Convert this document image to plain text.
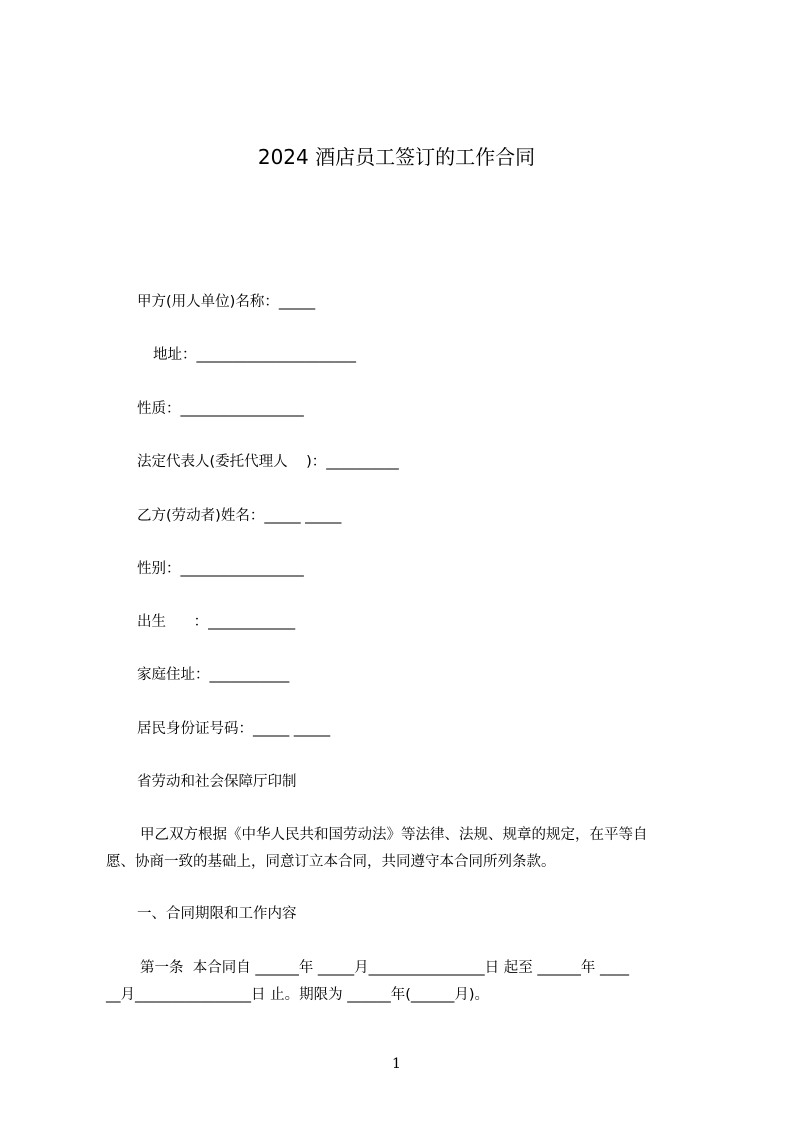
2024 酒店员工签订的工作合同
甲方(用人单位)名称：_____
地址：______________________
性质：_________________
法定代表人(委托代理人    )：__________
乙方(劳动者)姓名：_____ _____
性别：_________________
出生      ：____________
家庭住址：___________
居民身份证号码：_____ _____
省劳动和社会保障厅印制
甲乙双方根据《中华人民共和国劳动法》等法律、法规、规章的规定，在平等自
愿、协商一致的基础上，同意订立本合同，共同遵守本合同所列条款。
一、合同期限和工作内容
第一条  本合同自 ______年 _____月________________日 起至 ______年 ____
__月________________日 止。期限为 ______年(______月)。
1
